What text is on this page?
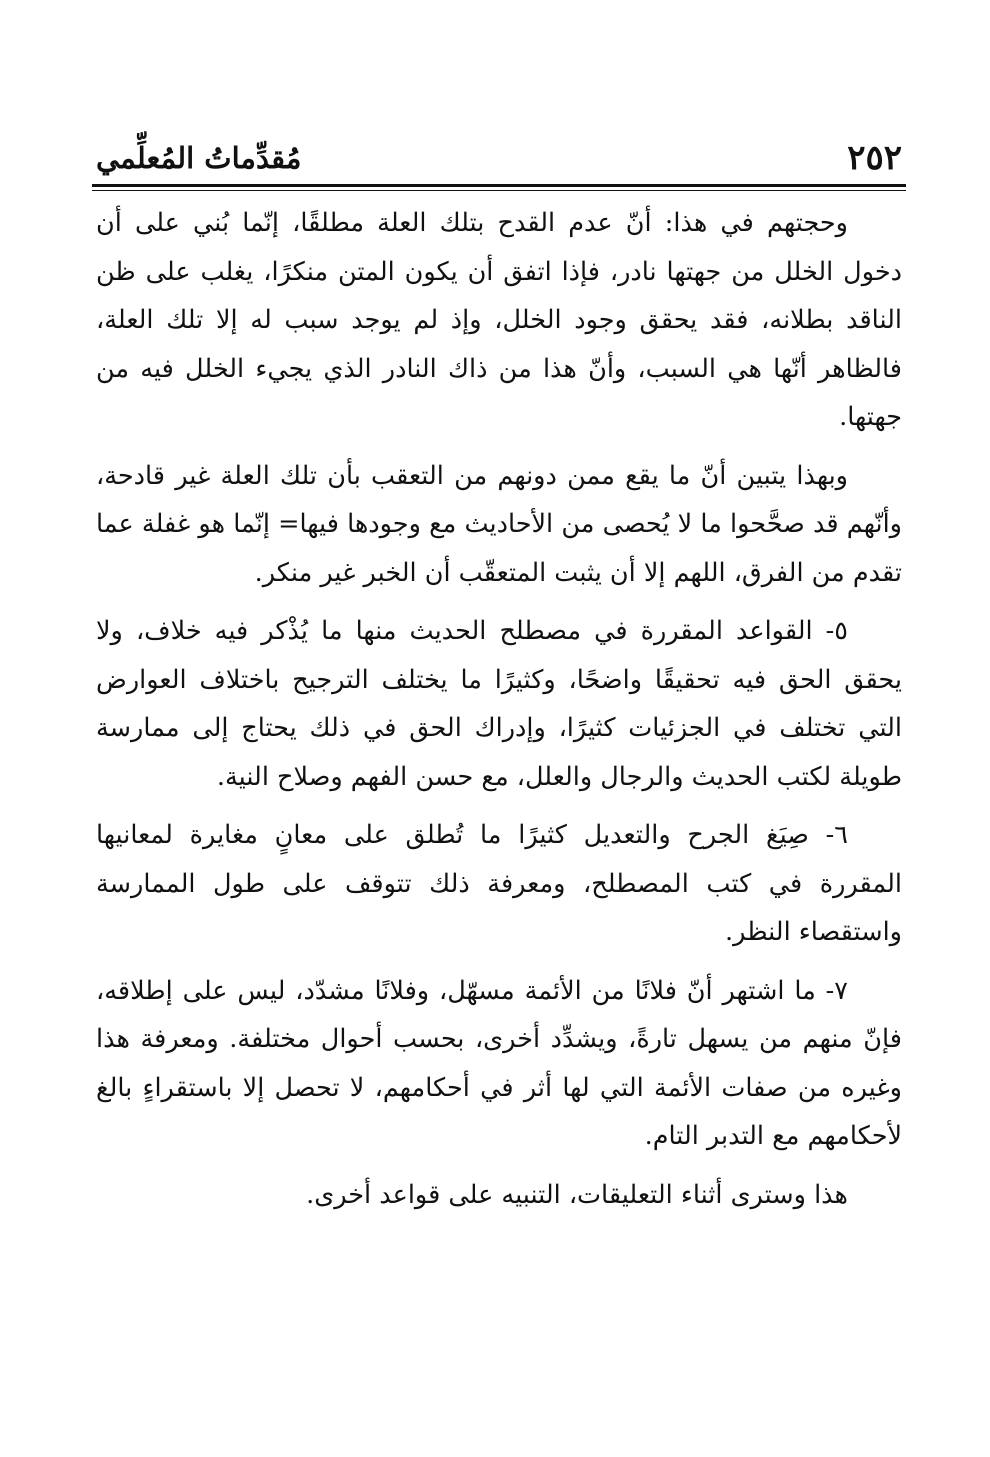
٢٥٢
مُقدِّماتُ المُعلِّمي

وحجتهم في هذا: أنّ عدم القدح بتلك العلة مطلقًا، إنّما بُني على أن دخول الخلل من جهتها نادر، فإذا اتفق أن يكون المتن منكرًا، يغلب على ظن الناقد بطلانه، فقد يحقق وجود الخلل، وإذ لم يوجد سبب له إلا تلك العلة، فالظاهر أنّها هي السبب، وأنّ هذا من ذاك النادر الذي يجيء الخلل فيه من جهتها.

وبهذا يتبين أنّ ما يقع ممن دونهم من التعقب بأن تلك العلة غير قادحة، وأنّهم قد صحَّحوا ما لا يُحصى من الأحاديث مع وجودها فيها= إنّما هو غفلة عما تقدم من الفرق، اللهم إلا أن يثبت المتعقّب أن الخبر غير منكر.

٥- القواعد المقررة في مصطلح الحديث منها ما يُذْكر فيه خلاف، ولا يحقق الحق فيه تحقيقًا واضحًا، وكثيرًا ما يختلف الترجيح باختلاف العوارض التي تختلف في الجزئيات كثيرًا، وإدراك الحق في ذلك يحتاج إلى ممارسة طويلة لكتب الحديث والرجال والعلل، مع حسن الفهم وصلاح النية.

٦- صِيَغ الجرح والتعديل كثيرًا ما تُطلق على معانٍ مغايرة لمعانيها المقررة في كتب المصطلح، ومعرفة ذلك تتوقف على طول الممارسة واستقصاء النظر.

٧- ما اشتهر أنّ فلانًا من الأئمة مسهّل، وفلانًا مشدّد، ليس على إطلاقه، فإنّ منهم من يسهل تارةً، ويشدِّد أخرى، بحسب أحوال مختلفة. ومعرفة هذا وغيره من صفات الأئمة التي لها أثر في أحكامهم، لا تحصل إلا باستقراءٍ بالغ لأحكامهم مع التدبر التام.

هذا وسترى أثناء التعليقات، التنبيه على قواعد أخرى.
